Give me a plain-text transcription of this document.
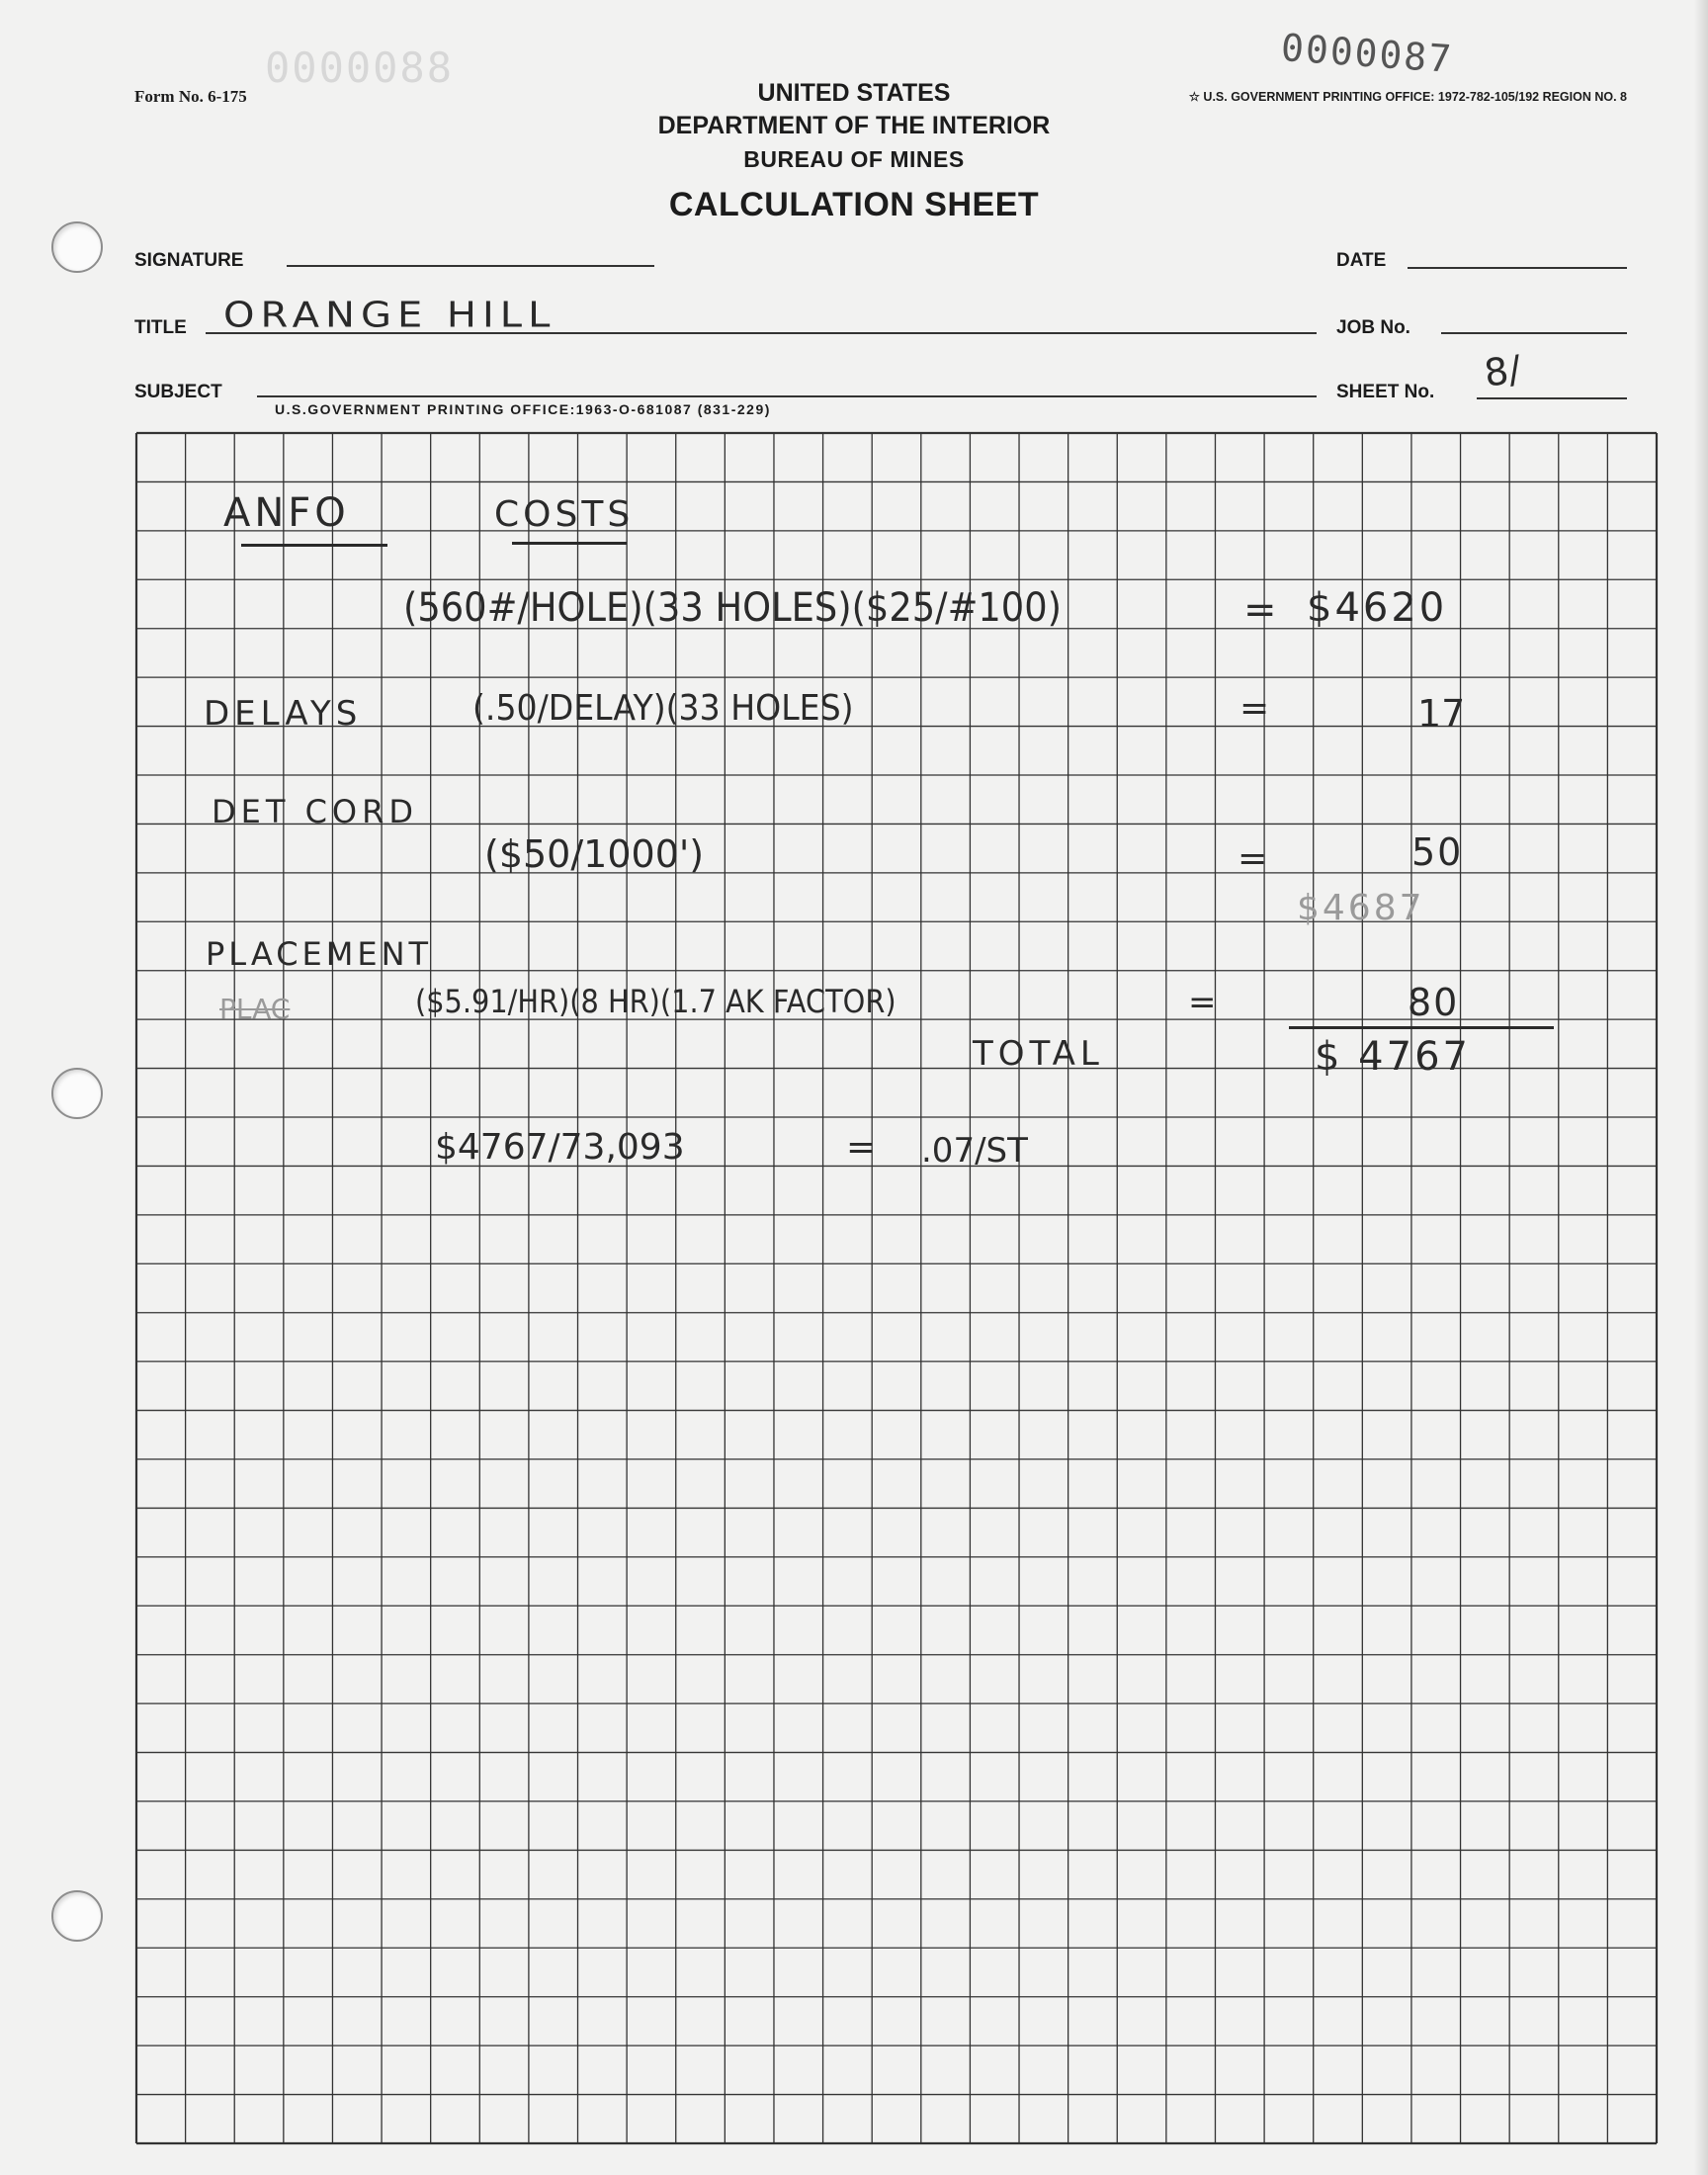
0000088	0000087
Form No. 6-175	☆ U.S. GOVERNMENT PRINTING OFFICE: 1972-782-105/192 REGION NO. 8
UNITED STATES
DEPARTMENT OF THE INTERIOR
BUREAU OF MINES
CALCULATION SHEET
SIGNATURE	DATE
TITLE ORANGE HILL	JOB No.
SUBJECT
U.S.GOVERNMENT PRINTING OFFICE:1963-O-681087 (831-229)
SHEET No. 8/
ANFO	COSTS
(560#/HOLE)(33 HOLES)($25/#100)	= $4620
DELAYS	(.50/DELAY)(33 HOLES)	=	17
DET CORD
($50/1000')	=	50
$4687
PLACEMENT
PLAC	($5.91/HR)(8 HR)(1.7 AK FACTOR)	=	80
TOTAL	$ 4767
$4767/73,093	= .07/ST
